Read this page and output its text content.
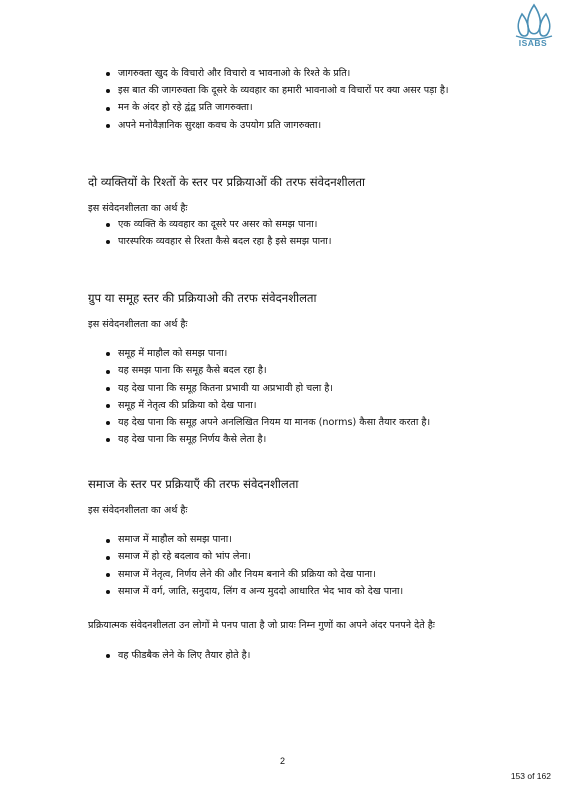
ISABS
जागरुक्ता खुद के विचारो और विचारो व भावनाओ के रिश्ते के प्रति।
इस बात की जागरुक्ता कि दूसरे के व्यवहार का हमारी भावनाओ व विचारों पर क्या असर पड़ा है।
मन के अंदर हो रहे द्वंद्व प्रति जागरुक्ता।
अपने मनोवैज्ञानिक सुरक्षा कवच के उपयोग प्रति जागरुक्ता।

दो व्यक्तियों के रिश्तों के स्तर पर प्रक्रियाओं की तरफ संवेदनशीलता

इस संवेदनशीलता का अर्थ हैः

एक व्यक्ति के व्यवहार का दूसरे पर असर को समझ पाना।
पारस्परिक व्यवहार से रिश्ता कैसे बदल रहा है इसे समझ पाना।

ग्रुप या समूह स्तर की प्रक्रियाओ की तरफ संवेदनशीलता

इस संवेदनशीलता का अर्थ हैः

समूह में माहौल को समझ पाना।
यह समझ पाना कि समूह कैसे बदल रहा है।
यह देख पाना कि समूह कितना प्रभावी या अप्रभावी हो चला है।
समूह में नेतृत्व की प्रक्रिया को देख पाना।
यह देख पाना कि समूह अपने अनलिखित नियम या मानक (norms) कैसा तैयार करता है।
यह देख पाना कि समूह निर्णय कैसे लेता है।

समाज के स्तर पर प्रक्रियाएँ की तरफ संवेदनशीलता

इस संवेदनशीलता का अर्थ हैः

समाज में माहौल को समझ पाना।
समाज में हो रहे बदलाव को भांप लेना।
समाज में नेतृत्व, निर्णय लेने की और नियम बनाने की प्रक्रिया को देख पाना।
समाज में वर्ग, जाति, सनुदाय, लिंग व अन्य मुददो आधारित भेद भाव को देख पाना।

प्रक्रियात्मक संवेदनशीलता उन लोगों मे पनप पाता है जो प्रायः निम्न गुणों का अपने अंदर पनपने देते हैः

वह फीडबैक लेने के लिए तैयार होते है।
2
153 of 162
